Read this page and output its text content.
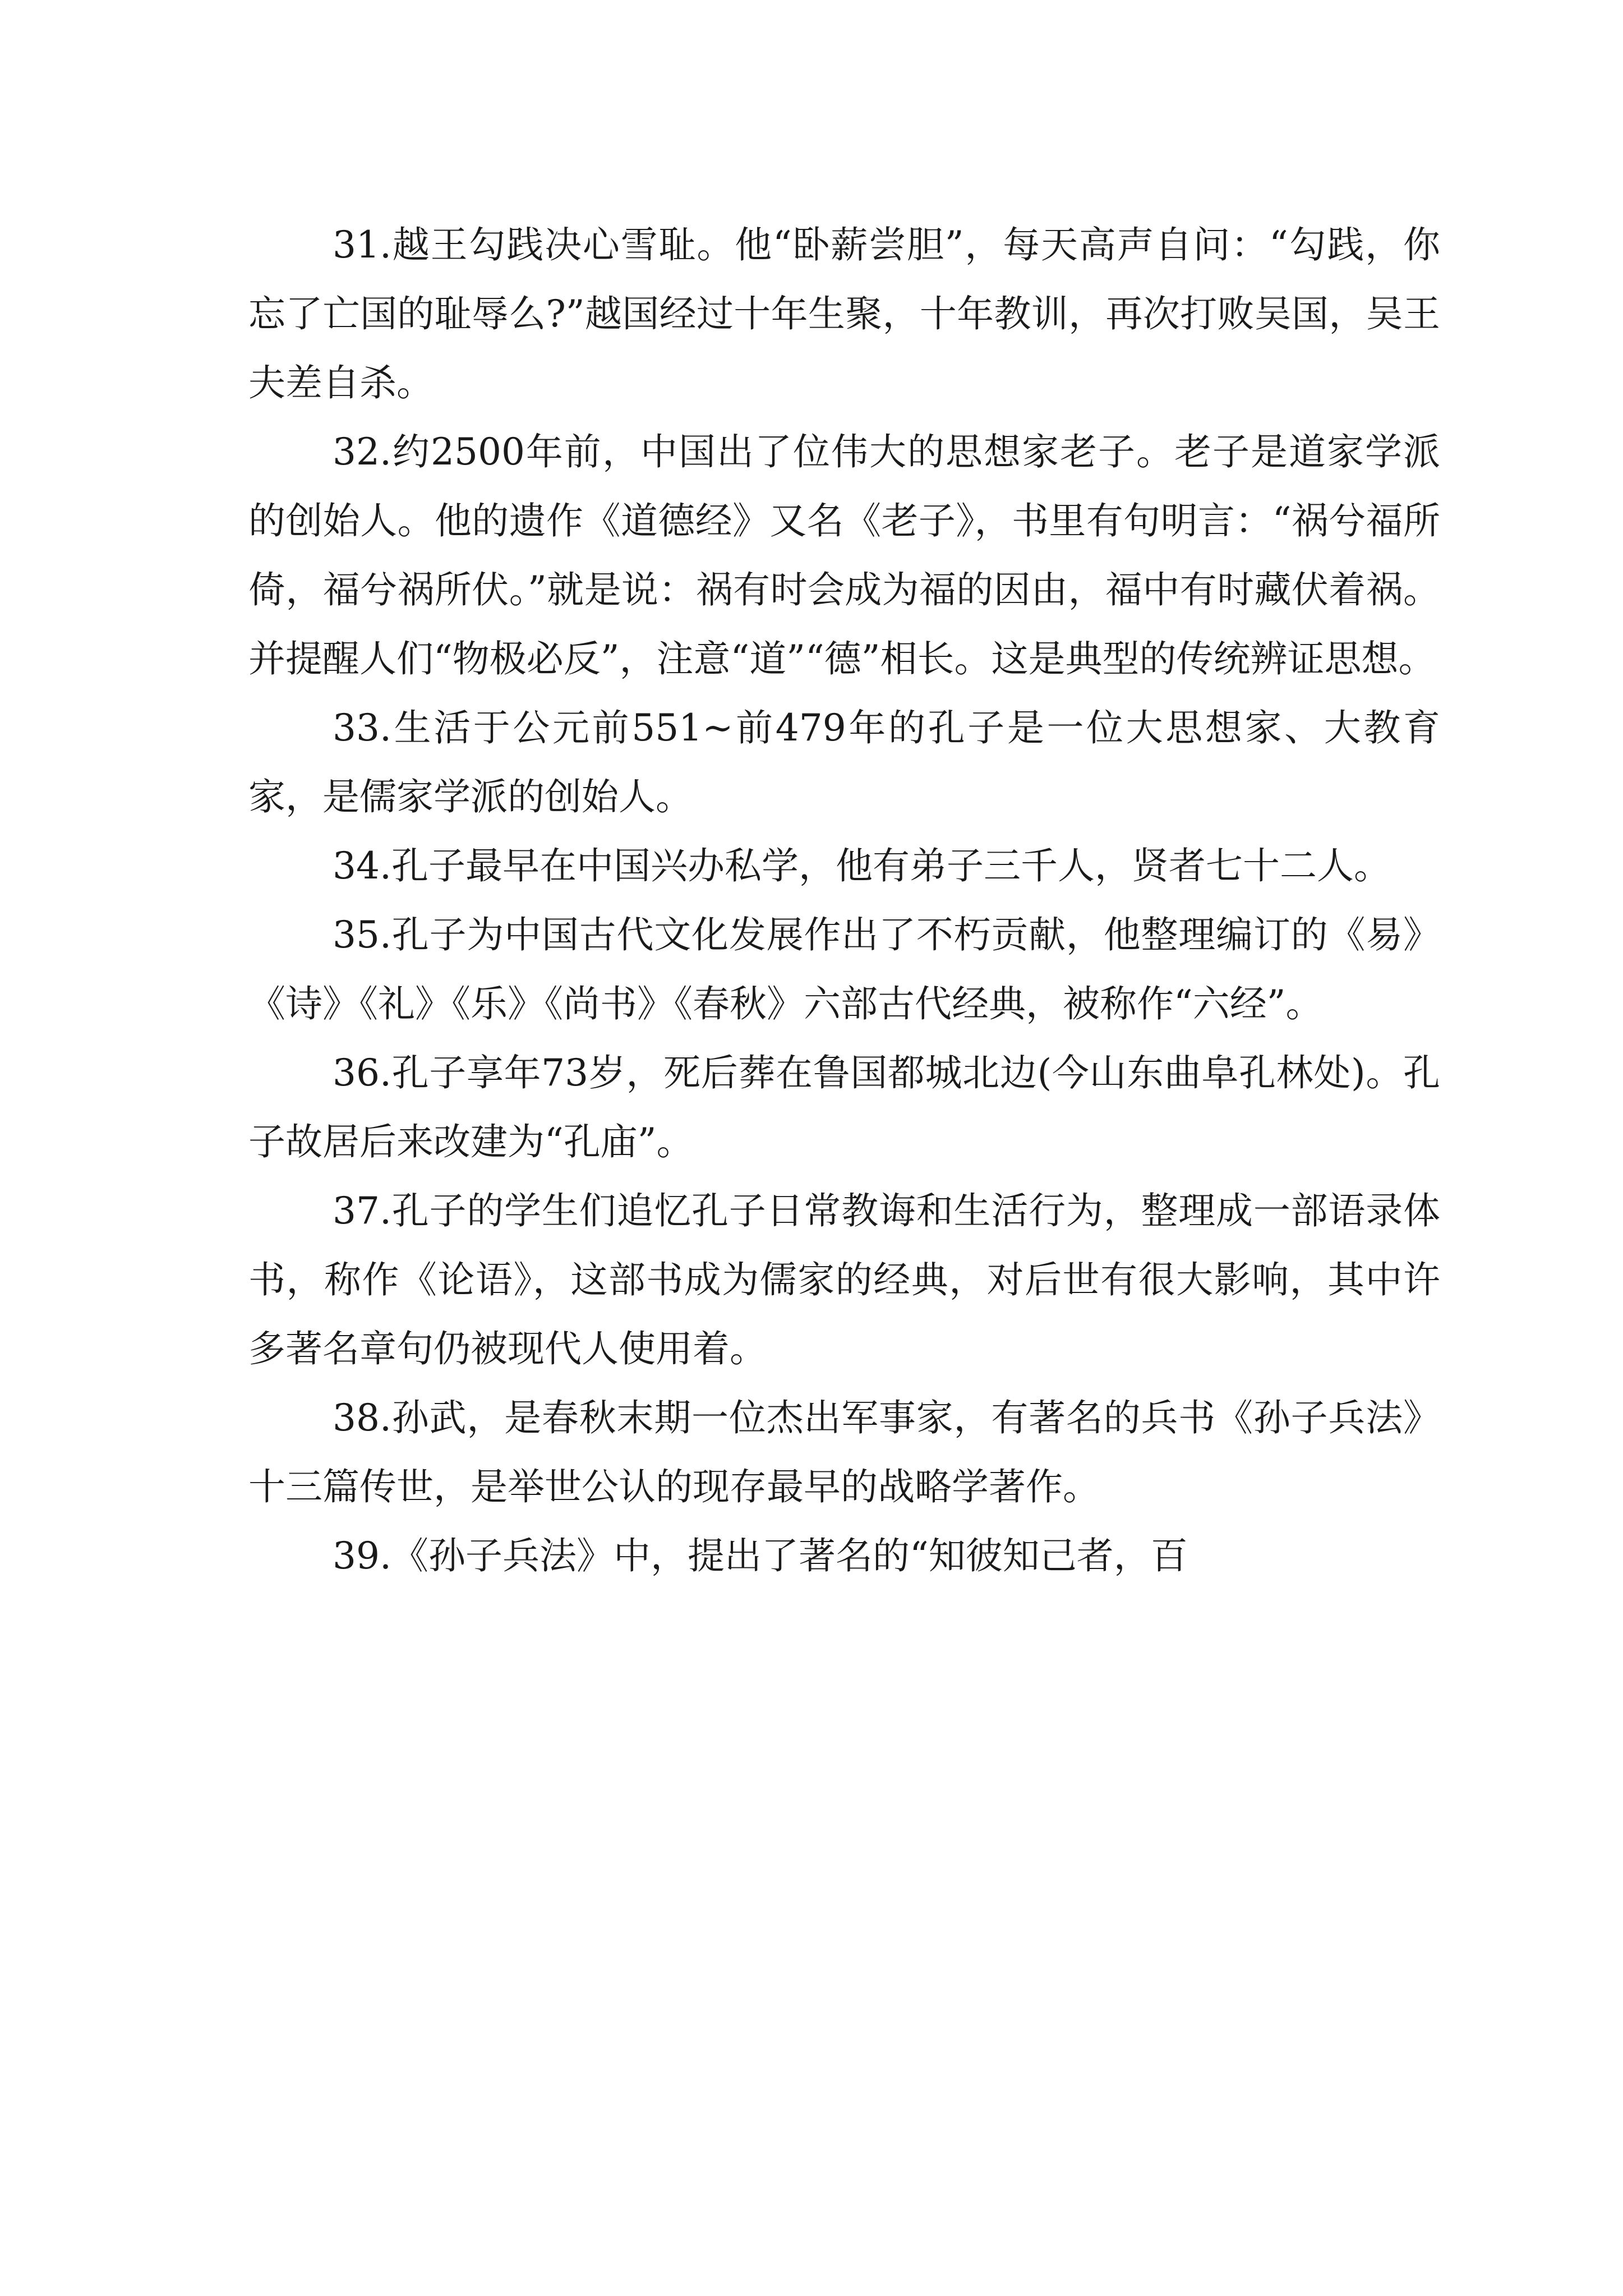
31.越王勾践决心雪耻。他“卧薪尝胆”，每天高声自问：“勾践，你忘了亡国的耻辱么?”越国经过十年生聚，十年教训，再次打败吴国，吴王夫差自杀。

32.约2500年前，中国出了位伟大的思想家老子。老子是道家学派的创始人。他的遗作《道德经》又名《老子》，书里有句明言：“祸兮福所倚，福兮祸所伏。”就是说：祸有时会成为福的因由，福中有时藏伏着祸。并提醒人们“物极必反”，注意“道”“德”相长。这是典型的传统辨证思想。

33.生活于公元前551~前479年的孔子是一位大思想家、大教育家，是儒家学派的创始人。

34.孔子最早在中国兴办私学，他有弟子三千人，贤者七十二人。

35.孔子为中国古代文化发展作出了不朽贡献，他整理编订的《易》《诗》《礼》《乐》《尚书》《春秋》六部古代经典，被称作“六经”。

36.孔子享年73岁，死后葬在鲁国都城北边(今山东曲阜孔林处)。孔子故居后来改建为“孔庙”。

37.孔子的学生们追忆孔子日常教诲和生活行为，整理成一部语录体书，称作《论语》，这部书成为儒家的经典，对后世有很大影响，其中许多著名章句仍被现代人使用着。

38.孙武，是春秋末期一位杰出军事家，有著名的兵书《孙子兵法》十三篇传世，是举世公认的现存最早的战略学著作。

39.《孙子兵法》中，提出了著名的“知彼知己者，百
